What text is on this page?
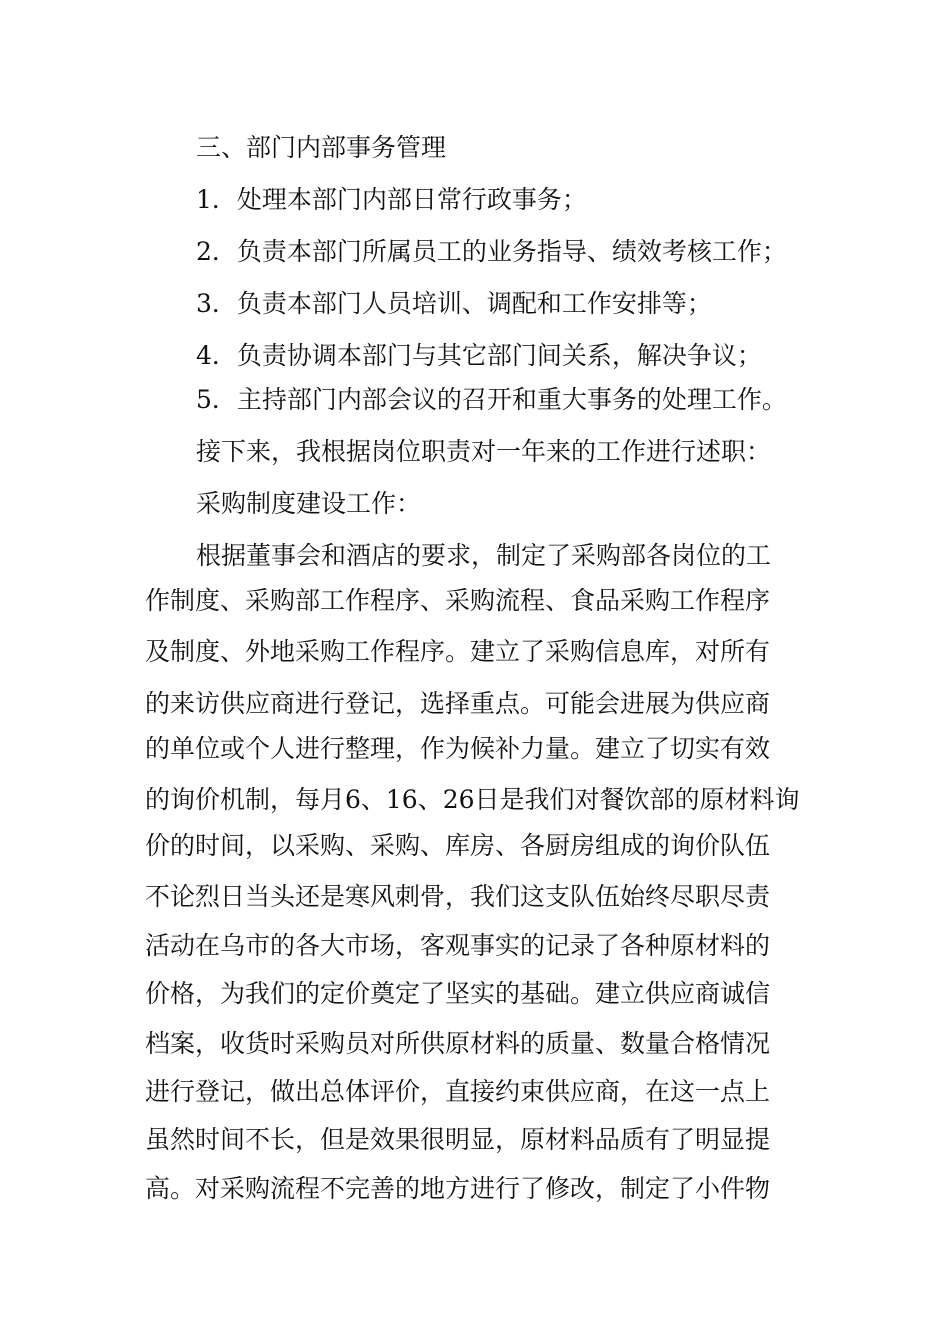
三、部门内部事务管理

1．处理本部门内部日常行政事务；

2．负责本部门所属员工的业务指导、绩效考核工作；

3．负责本部门人员培训、调配和工作安排等；

4．负责协调本部门与其它部门间关系，解决争议；

5．主持部门内部会议的召开和重大事务的处理工作。

接下来，我根据岗位职责对一年来的工作进行述职：

采购制度建设工作：

根据董事会和酒店的要求，制定了采购部各岗位的工

作制度、采购部工作程序、采购流程、食品采购工作程序

及制度、外地采购工作程序。建立了采购信息库，对所有

的来访供应商进行登记，选择重点。可能会进展为供应商

的单位或个人进行整理，作为候补力量。建立了切实有效

的询价机制，每月6、16、26日是我们对餐饮部的原材料询

价的时间，以采购、采购、库房、各厨房组成的询价队伍

不论烈日当头还是寒风刺骨，我们这支队伍始终尽职尽责

活动在乌市的各大市场，客观事实的记录了各种原材料的

价格，为我们的定价奠定了坚实的基础。建立供应商诚信

档案，收货时采购员对所供原材料的质量、数量合格情况

进行登记，做出总体评价，直接约束供应商，在这一点上

虽然时间不长，但是效果很明显，原材料品质有了明显提

高。对采购流程不完善的地方进行了修改，制定了小件物
